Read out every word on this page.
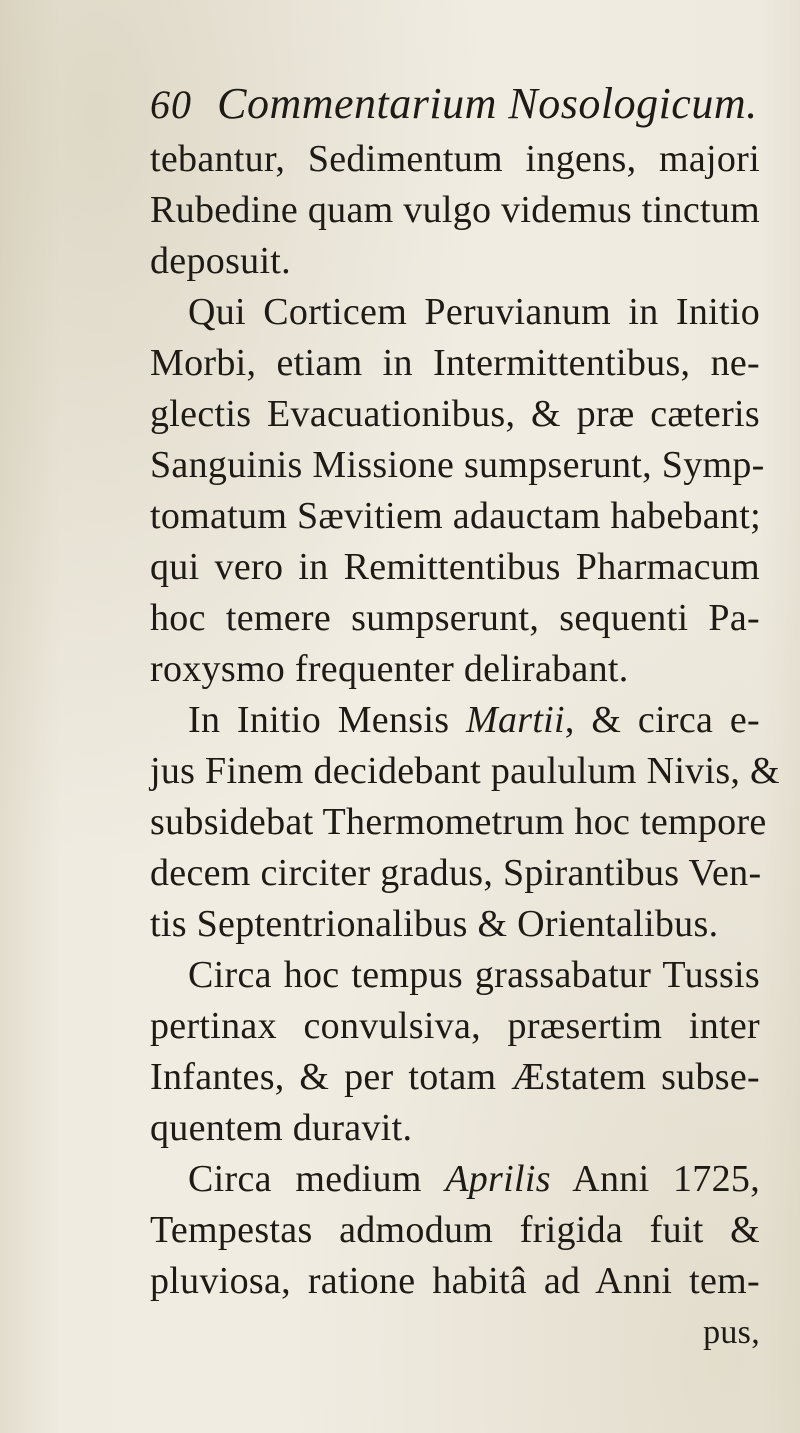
60 Commentarium Nosologicum.
tebantur, Sedimentum ingens, majori
Rubedine quam vulgo videmus tinctum
deposuit.
Qui Corticem Peruvianum in Initio
Morbi, etiam in Intermittentibus, ne-
glectis Evacuationibus, & præ cæteris
Sanguinis Missione sumpserunt, Symp-
tomatum Sævitiem adauctam habebant;
qui vero in Remittentibus Pharmacum
hoc temere sumpserunt, sequenti Pa-
roxysmo frequenter delirabant.
In Initio Mensis Martii, & circa e-
jus Finem decidebant paululum Nivis, &
subsidebat Thermometrum hoc tempore
decem circiter gradus, Spirantibus Ven-
tis Septentrionalibus & Orientalibus.
Circa hoc tempus grassabatur Tussis
pertinax convulsiva, præsertim inter
Infantes, & per totam Æstatem subse-
quentem duravit.
Circa medium Aprilis Anni 1725,
Tempestas admodum frigida fuit &
pluviosa, ratione habitâ ad Anni tem-
pus,
